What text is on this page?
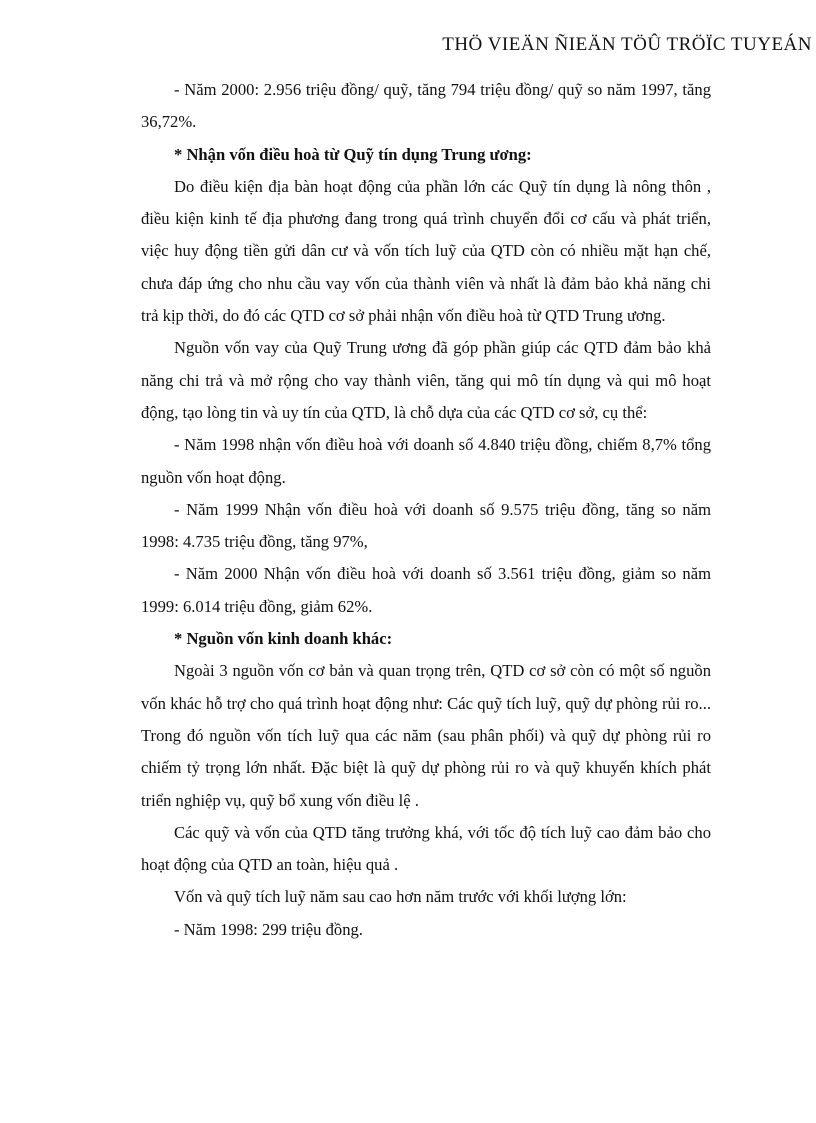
THÖ VIEÄN ÑIEÄN TÖÛ TRÖÏC TUYEÁN

- Năm 2000: 2.956 triệu đồng/ quỹ, tăng 794 triệu đồng/ quỹ so năm 1997, tăng 36,72%.

* Nhận vốn điều hoà từ Quỹ tín dụng Trung ương:

Do điều kiện địa bàn hoạt động của phần lớn các Quỹ tín dụng là nông thôn , điều kiện kinh tế địa phương đang trong quá trình chuyển đổi cơ cấu và phát triển, việc huy động tiền gửi dân cư và vốn tích luỹ của QTD còn có nhiều mặt hạn chế, chưa đáp ứng cho nhu cầu vay vốn của thành viên và nhất là đảm bảo khả năng chi trả kịp thời, do đó các QTD cơ sở phải nhận vốn điều hoà từ QTD Trung ương.

Nguồn vốn vay của Quỹ Trung ương đã góp phần giúp các QTD đảm bảo khả năng chi trả và mở rộng cho vay thành viên, tăng qui mô tín dụng và qui mô hoạt động, tạo lòng tin và uy tín của QTD, là chỗ dựa của các QTD cơ sở, cụ thể:

- Năm 1998 nhận vốn điều hoà với doanh số 4.840 triệu đồng, chiếm 8,7% tổng nguồn vốn hoạt động.

- Năm 1999 Nhận vốn điều hoà với doanh số 9.575 triệu đồng, tăng so năm 1998: 4.735 triệu đồng, tăng 97%,

- Năm 2000 Nhận vốn điều hoà với doanh số 3.561 triệu đồng, giảm so năm 1999: 6.014 triệu đồng, giảm 62%.

* Nguồn vốn kinh doanh khác:

Ngoài 3 nguồn vốn cơ bản và quan trọng trên, QTD cơ sở còn có một số nguồn vốn khác hỗ trợ cho quá trình hoạt động như: Các quỹ tích luỹ, quỹ dự phòng rủi ro... Trong đó nguồn vốn tích luỹ qua các năm (sau phân phối) và quỹ dự phòng rủi ro chiếm tỷ trọng lớn nhất. Đặc biệt là quỹ dự phòng rủi ro và quỹ khuyến khích phát triển nghiệp vụ, quỹ bổ xung vốn điều lệ .

Các quỹ và vốn của QTD tăng trưởng khá, với tốc độ tích luỹ cao đảm bảo cho hoạt động của QTD an toàn, hiệu quả .

Vốn và quỹ tích luỹ năm sau cao hơn năm trước với khối lượng lớn:

- Năm 1998: 299 triệu đồng.
